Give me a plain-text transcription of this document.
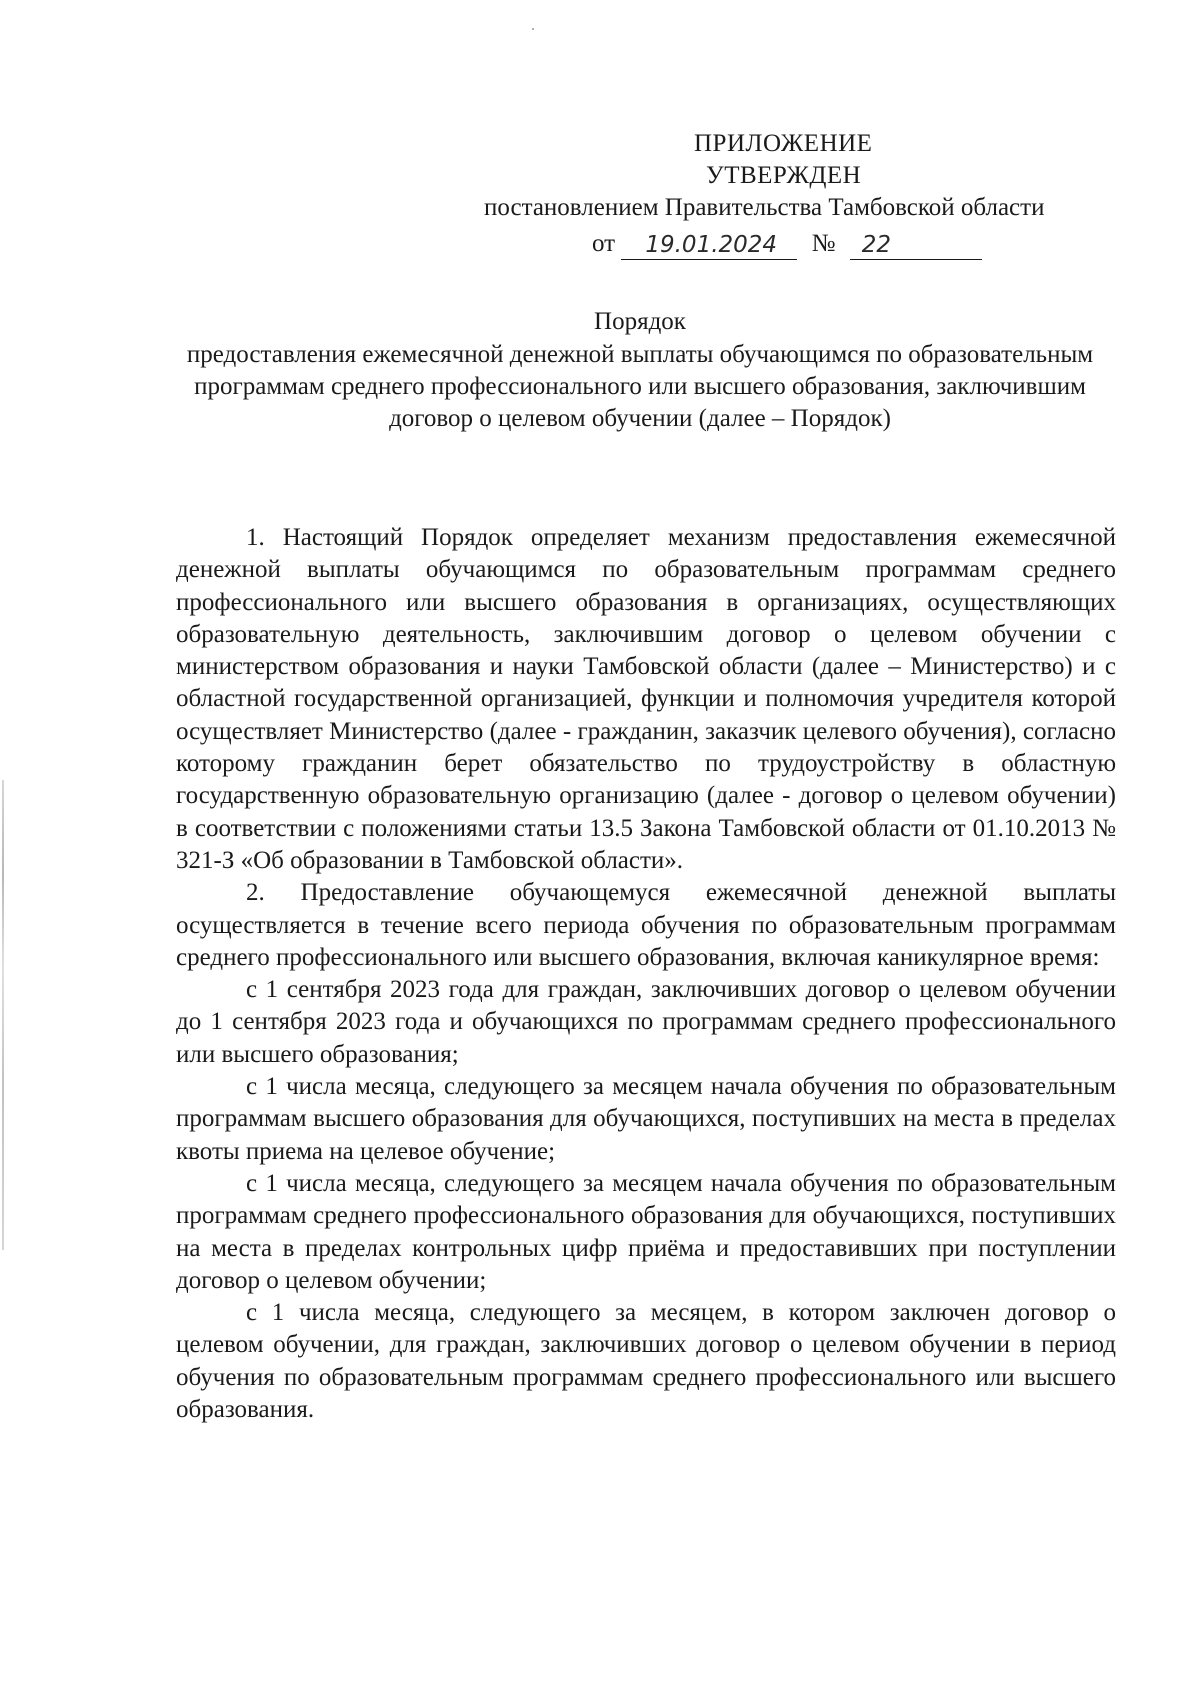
ПРИЛОЖЕНИЕ
УТВЕРЖДЕН
постановлением Правительства Тамбовской области
от 19.01.2024 № 22
Порядок
предоставления ежемесячной денежной выплаты обучающимся по образовательным программам среднего профессионального или высшего образования, заключившим договор о целевом обучении (далее – Порядок)

1. Настоящий Порядок определяет механизм предоставления ежемесячной денежной выплаты обучающимся по образовательным программам среднего профессионального или высшего образования в организациях, осуществляющих образовательную деятельность, заключившим договор о целевом обучении с министерством образования и науки Тамбовской области (далее – Министерство) и с областной государственной организацией, функции и полномочия учредителя которой осуществляет Министерство (далее - гражданин, заказчик целевого обучения), согласно которому гражданин берет обязательство по трудоустройству в областную государственную образовательную организацию (далее - договор о целевом обучении) в соответствии с положениями статьи 13.5 Закона Тамбовской области от 01.10.2013 № 321-З «Об образовании в Тамбовской области».

2. Предоставление обучающемуся ежемесячной денежной выплаты осуществляется в течение всего периода обучения по образовательным программам среднего профессионального или высшего образования, включая каникулярное время:

с 1 сентября 2023 года для граждан, заключивших договор о целевом обучении до 1 сентября 2023 года и обучающихся по программам среднего профессионального или высшего образования;

с 1 числа месяца, следующего за месяцем начала обучения по образовательным программам высшего образования для обучающихся, поступивших на места в пределах квоты приема на целевое обучение;

с 1 числа месяца, следующего за месяцем начала обучения по образовательным программам среднего профессионального образования для обучающихся, поступивших на места в пределах контрольных цифр приёма и предоставивших при поступлении договор о целевом обучении;

с 1 числа месяца, следующего за месяцем, в котором заключен договор о целевом обучении, для граждан, заключивших договор о целевом обучении в период обучения по образовательным программам среднего профессионального или высшего образования.
